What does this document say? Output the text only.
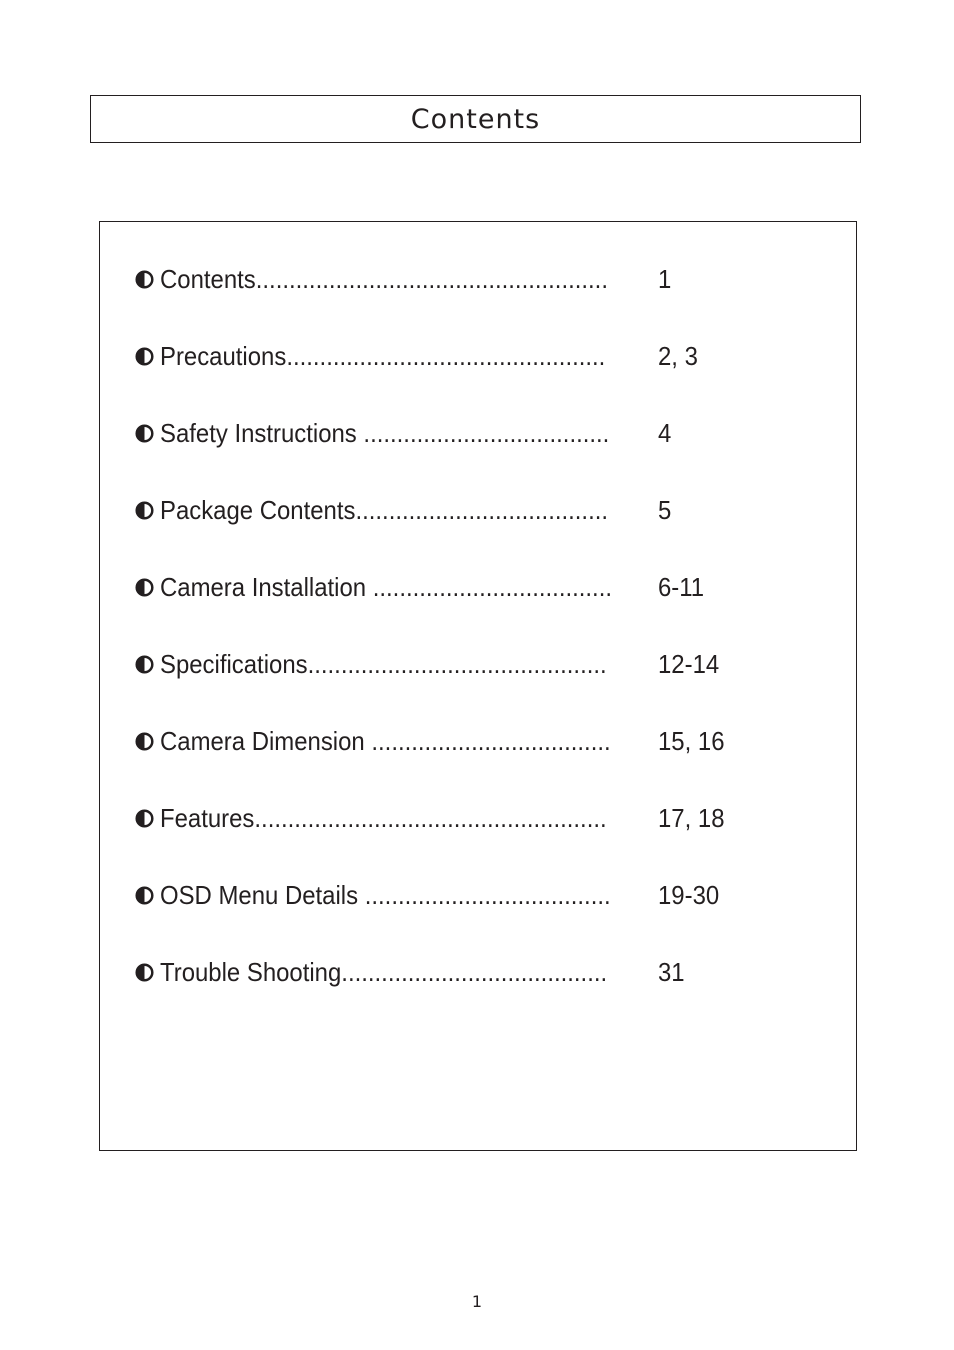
Contents
Contents..................................................... 1
Precautions................................................ 2, 3
Safety Instructions ..................................... 4
Package Contents...................................... 5
Camera Installation .................................... 6-11
Specifications............................................. 12-14
Camera Dimension .................................... 15, 16
Features..................................................... 17, 18
OSD Menu Details ..................................... 19-30
Trouble Shooting........................................ 31
1
